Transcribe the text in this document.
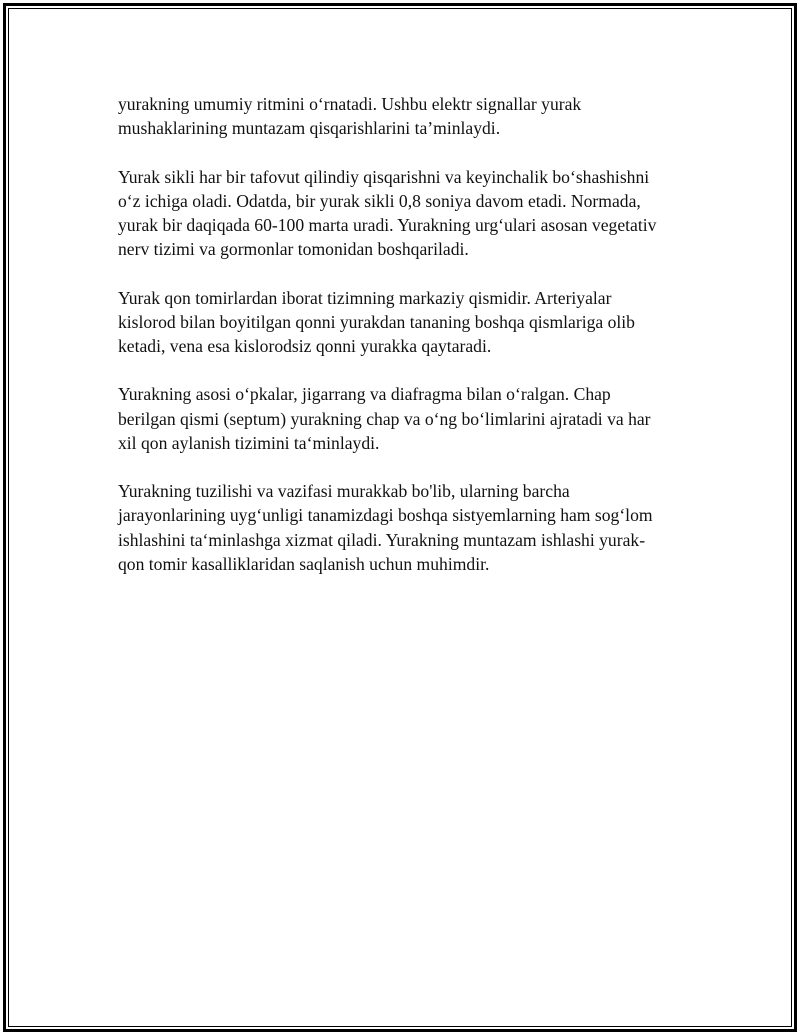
yurakning umumiy ritmini o‘rnatadi. Ushbu elektr signallar yurak
mushaklarining muntazam qisqarishlarini ta’minlaydi.

Yurak sikli har bir tafovut qilindiy qisqarishni va keyinchalik bo‘shashishni
o‘z ichiga oladi. Odatda, bir yurak sikli 0,8 soniya davom etadi. Normada,
yurak bir daqiqada 60-100 marta uradi. Yurakning urg‘ulari asosan vegetativ
nerv tizimi va gormonlar tomonidan boshqariladi.

Yurak qon tomirlardan iborat tizimning markaziy qismidir. Arteriyalar
kislorod bilan boyitilgan qonni yurakdan tananing boshqa qismlariga olib
ketadi, vena esa kislorodsiz qonni yurakka qaytaradi.

Yurakning asosi o‘pkalar, jigarrang va diafragma bilan o‘ralgan. Chap
berilgan qismi (septum) yurakning chap va o‘ng bo‘limlarini ajratadi va har
xil qon aylanish tizimini ta‘minlaydi.

Yurakning tuzilishi va vazifasi murakkab bo'lib, ularning barcha
jarayonlarining uyg‘unligi tanamizdagi boshqa sistyemlarning ham sog‘lom
ishlashini ta‘minlashga xizmat qiladi. Yurakning muntazam ishlashi yurak-
qon tomir kasalliklaridan saqlanish uchun muhimdir.
